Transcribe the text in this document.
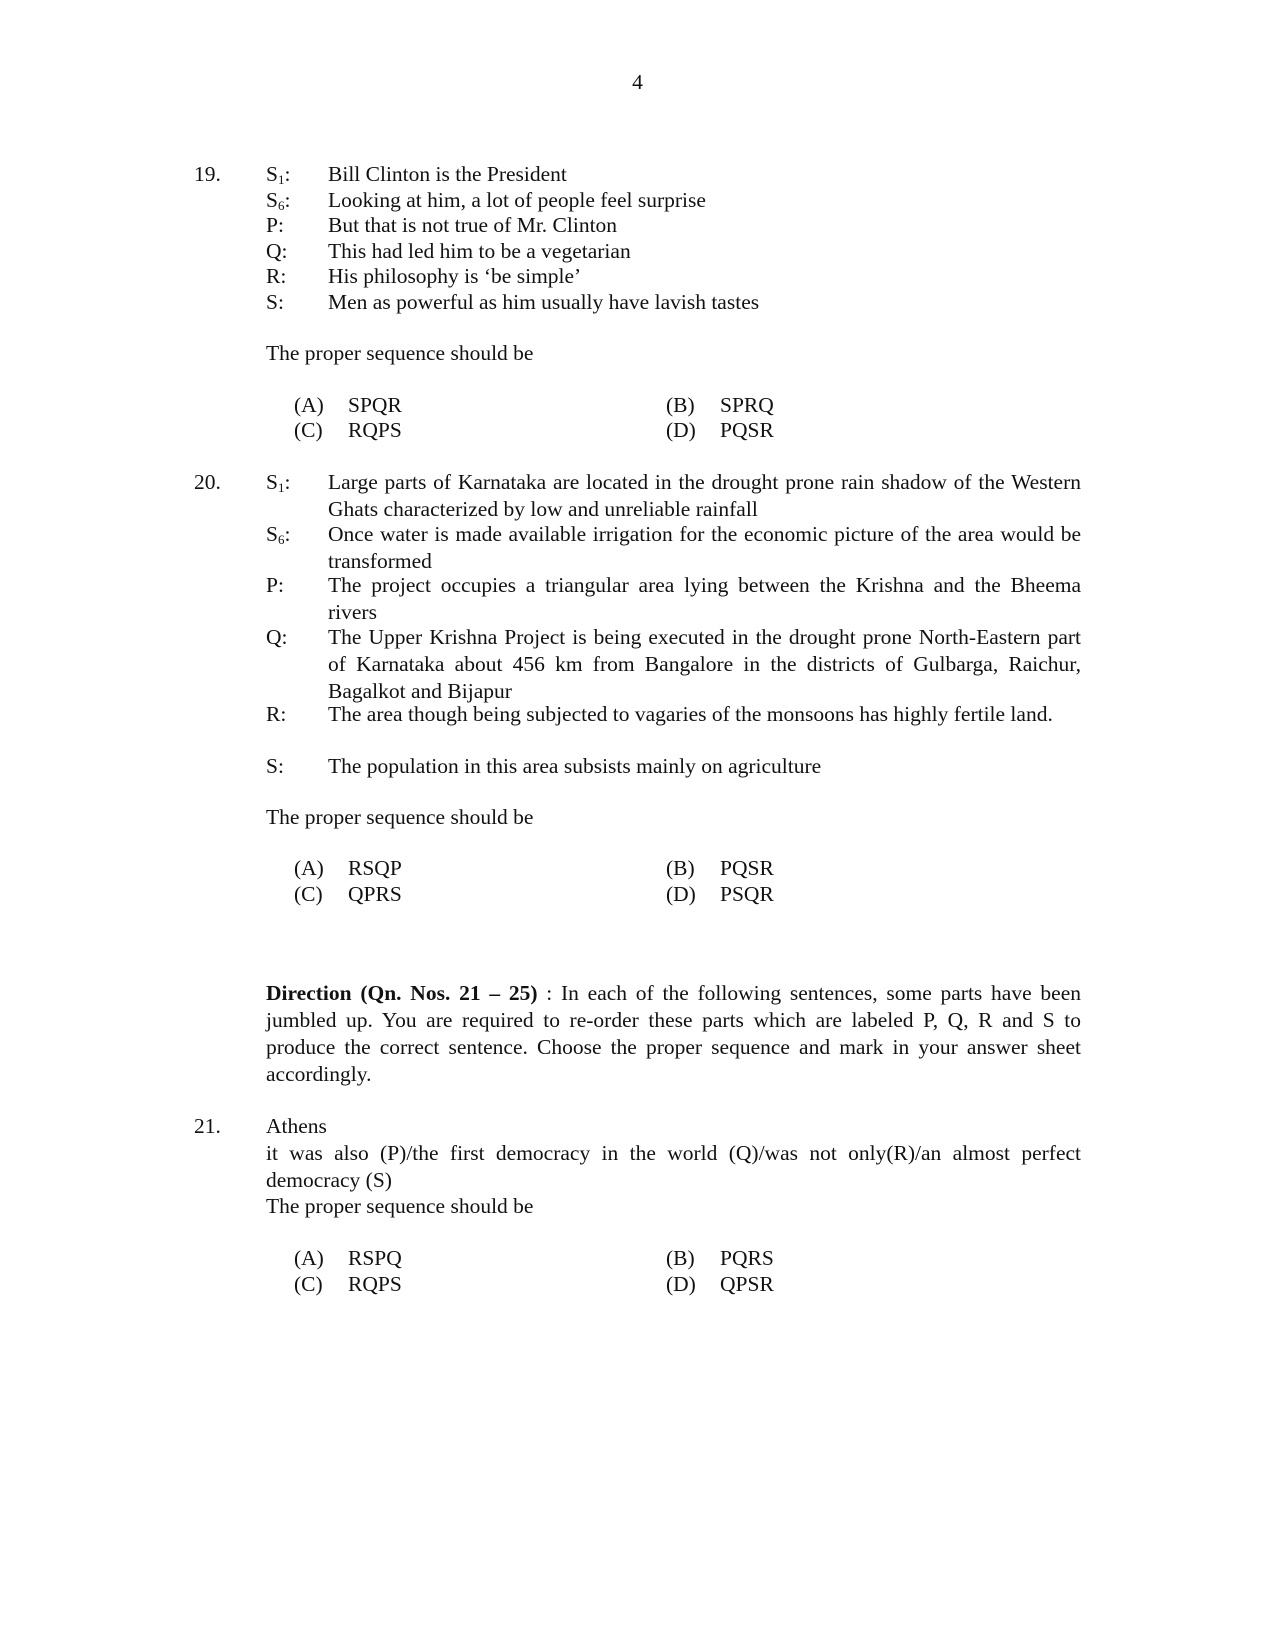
4
19. $S_1$: Bill Clinton is the President
$S_6$: Looking at him, a lot of people feel surprise
P: But that is not true of Mr. Clinton
Q: This had led him to be a vegetarian
R: His philosophy is ‘be simple’
S: Men as powerful as him usually have lavish tastes
The proper sequence should be
(A) SPQR	(B) SPRQ
(C) RQPS	(D) PQSR
20. $S_1$: Large parts of Karnataka are located in the drought prone rain shadow of the Western Ghats characterized by low and unreliable rainfall
$S_6$: Once water is made available irrigation for the economic picture of the area would be transformed
P: The project occupies a triangular area lying between the Krishna and the Bheema rivers
Q: The Upper Krishna Project is being executed in the drought prone North-Eastern part of Karnataka about 456 km from Bangalore in the districts of Gulbarga, Raichur, Bagalkot and Bijapur
R: The area though being subjected to vagaries of the monsoons has highly fertile land.
S: The population in this area subsists mainly on agriculture
The proper sequence should be
(A) RSQP	(B) PQSR
(C) QPRS	(D) PSQR
Direction (Qn. Nos. 21 – 25) : In each of the following sentences, some parts have been jumbled up. You are required to re-order these parts which are labeled P, Q, R and S to produce the correct sentence. Choose the proper sequence and mark in your answer sheet accordingly.
21. Athens
it was also (P)/the first democracy in the world (Q)/was not only(R)/an almost perfect democracy (S)
The proper sequence should be
(A) RSPQ	(B) PQRS
(C) RQPS	(D) QPSR
